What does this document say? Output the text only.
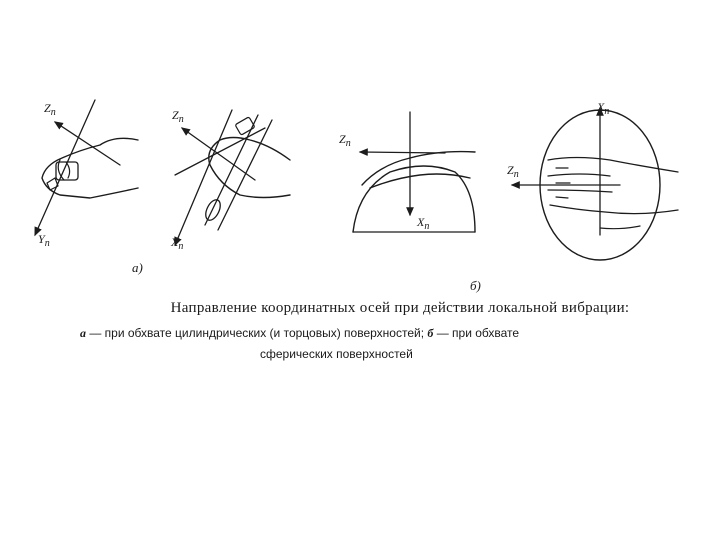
$Z_п$
$Y_п$
$Z_п$
$X_п$
$Z_п$
$X_п$
$X_п$
$Z_п$
а)
б)
Направление координатных осей при действии локальной вибрации:
а — при обхвате цилиндрических (и торцовых) поверхностей; б — при обхвате
сферических поверхностей
